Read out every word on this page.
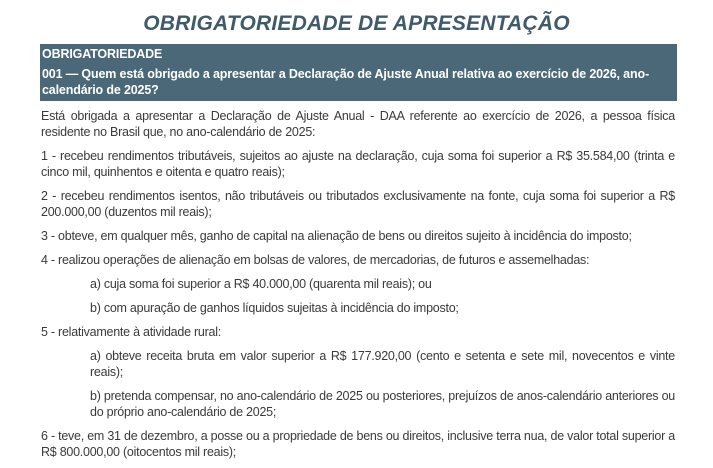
OBRIGATORIEDADE DE APRESENTAÇÃO
OBRIGATORIEDADE
001 — Quem está obrigado a apresentar a Declaração de Ajuste Anual relativa ao exercício de 2026, ano-calendário de 2025?

Está obrigada a apresentar a Declaração de Ajuste Anual - DAA referente ao exercício de 2026, a pessoa física residente no Brasil que, no ano-calendário de 2025:

1 - recebeu rendimentos tributáveis, sujeitos ao ajuste na declaração, cuja soma foi superior a R$ 35.584,00 (trinta e cinco mil, quinhentos e oitenta e quatro reais);

2 - recebeu rendimentos isentos, não tributáveis ou tributados exclusivamente na fonte, cuja soma foi superior a R$ 200.000,00 (duzentos mil reais);

3 - obteve, em qualquer mês, ganho de capital na alienação de bens ou direitos sujeito à incidência do imposto;

4 - realizou operações de alienação em bolsas de valores, de mercadorias, de futuros e assemelhadas:

a) cuja soma foi superior a R$ 40.000,00 (quarenta mil reais); ou

b) com apuração de ganhos líquidos sujeitas à incidência do imposto;

5 - relativamente à atividade rural:

a) obteve receita bruta em valor superior a R$ 177.920,00 (cento e setenta e sete mil, novecentos e vinte reais);

b) pretenda compensar, no ano-calendário de 2025 ou posteriores, prejuízos de anos-calendário anteriores ou do próprio ano-calendário de 2025;

6 - teve, em 31 de dezembro, a posse ou a propriedade de bens ou direitos, inclusive terra nua, de valor total superior a R$ 800.000,00 (oitocentos mil reais);
